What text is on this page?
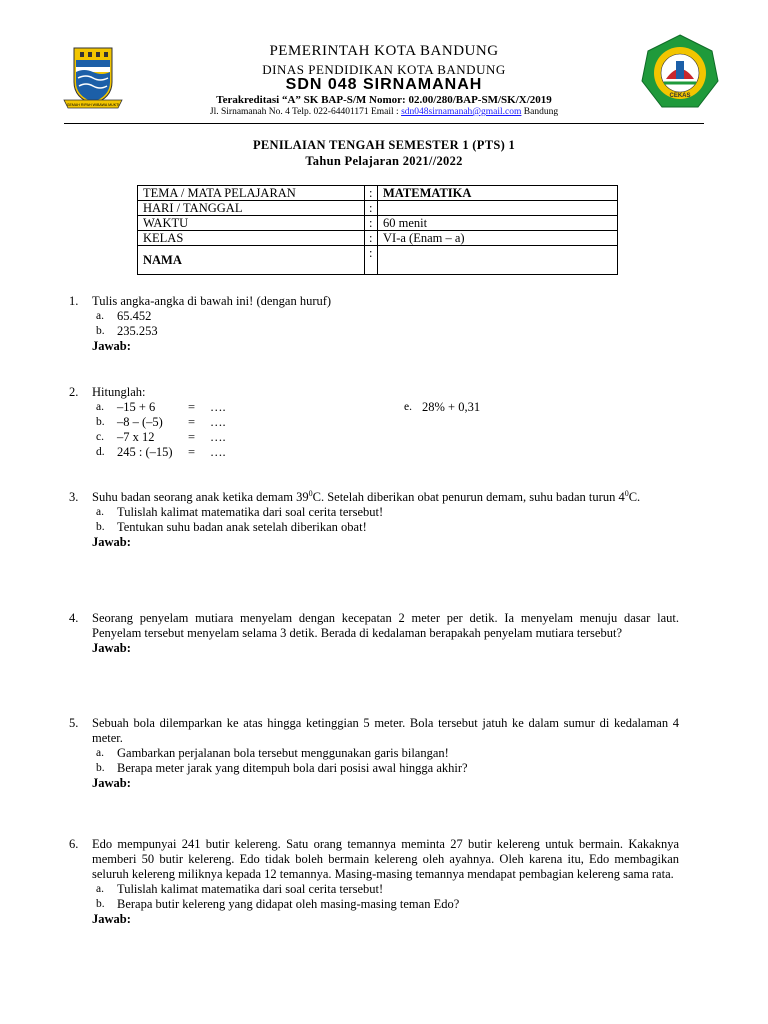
GEMAH RIPAH WIBAWA MUKTI
CEKAS
PEMERINTAH KOTA BANDUNG
DINAS PENDIDIKAN KOTA BANDUNG
SDN 048 SIRNAMANAH
Terakreditasi “A” SK BAP-S/M Nomor: 02.00/280/BAP-SM/SK/X/2019
Jl. Sirnamanah No. 4 Telp. 022-64401171 Email : sdn048sirnamanah@gmail.com Bandung
PENILAIAN TENGAH SEMESTER 1 (PTS) 1
Tahun Pelajaran 2021//2022
TEMA / MATA PELAJARAN	:	MATEMATIKA
HARI / TANGGAL	:	
WAKTU	:	60 menit
KELAS	:	VI-a (Enam – a)
NAMA	:	
1. Tulis angka-angka di bawah ini! (dengan huruf)
a. 65.452
b. 235.253
Jawab:
2. Hitunglah:
a. –15 + 6	= ….	e. 28% + 0,31
b. –8 – (–5) = ….
c. –7 x 12	= ….
d. 245 : (–15) = ….
3. Suhu badan seorang anak ketika demam $39^0C$. Setelah diberikan obat penurun demam, suhu badan turun $4^0C$.
a. Tulislah kalimat matematika dari soal cerita tersebut!
b. Tentukan suhu badan anak setelah diberikan obat!
Jawab:
4. Seorang penyelam mutiara menyelam dengan kecepatan 2 meter per detik. Ia menyelam menuju dasar laut. Penyelam tersebut menyelam selama 3 detik. Berada di kedalaman berapakah penyelam mutiara tersebut?
Jawab:
5. Sebuah bola dilemparkan ke atas hingga ketinggian 5 meter. Bola tersebut jatuh ke dalam sumur di kedalaman 4 meter.
a. Gambarkan perjalanan bola tersebut menggunakan garis bilangan!
b. Berapa meter jarak yang ditempuh bola dari posisi awal hingga akhir?
Jawab:
6. Edo mempunyai 241 butir kelereng. Satu orang temannya meminta 27 butir kelereng untuk bermain. Kakaknya memberi 50 butir kelereng. Edo tidak boleh bermain kelereng oleh ayahnya. Oleh karena itu, Edo membagikan seluruh kelereng miliknya kepada 12 temannya. Masing-masing temannya mendapat pembagian kelereng sama rata.
a. Tulislah kalimat matematika dari soal cerita tersebut!
b. Berapa butir kelereng yang didapat oleh masing-masing teman Edo?
Jawab:
